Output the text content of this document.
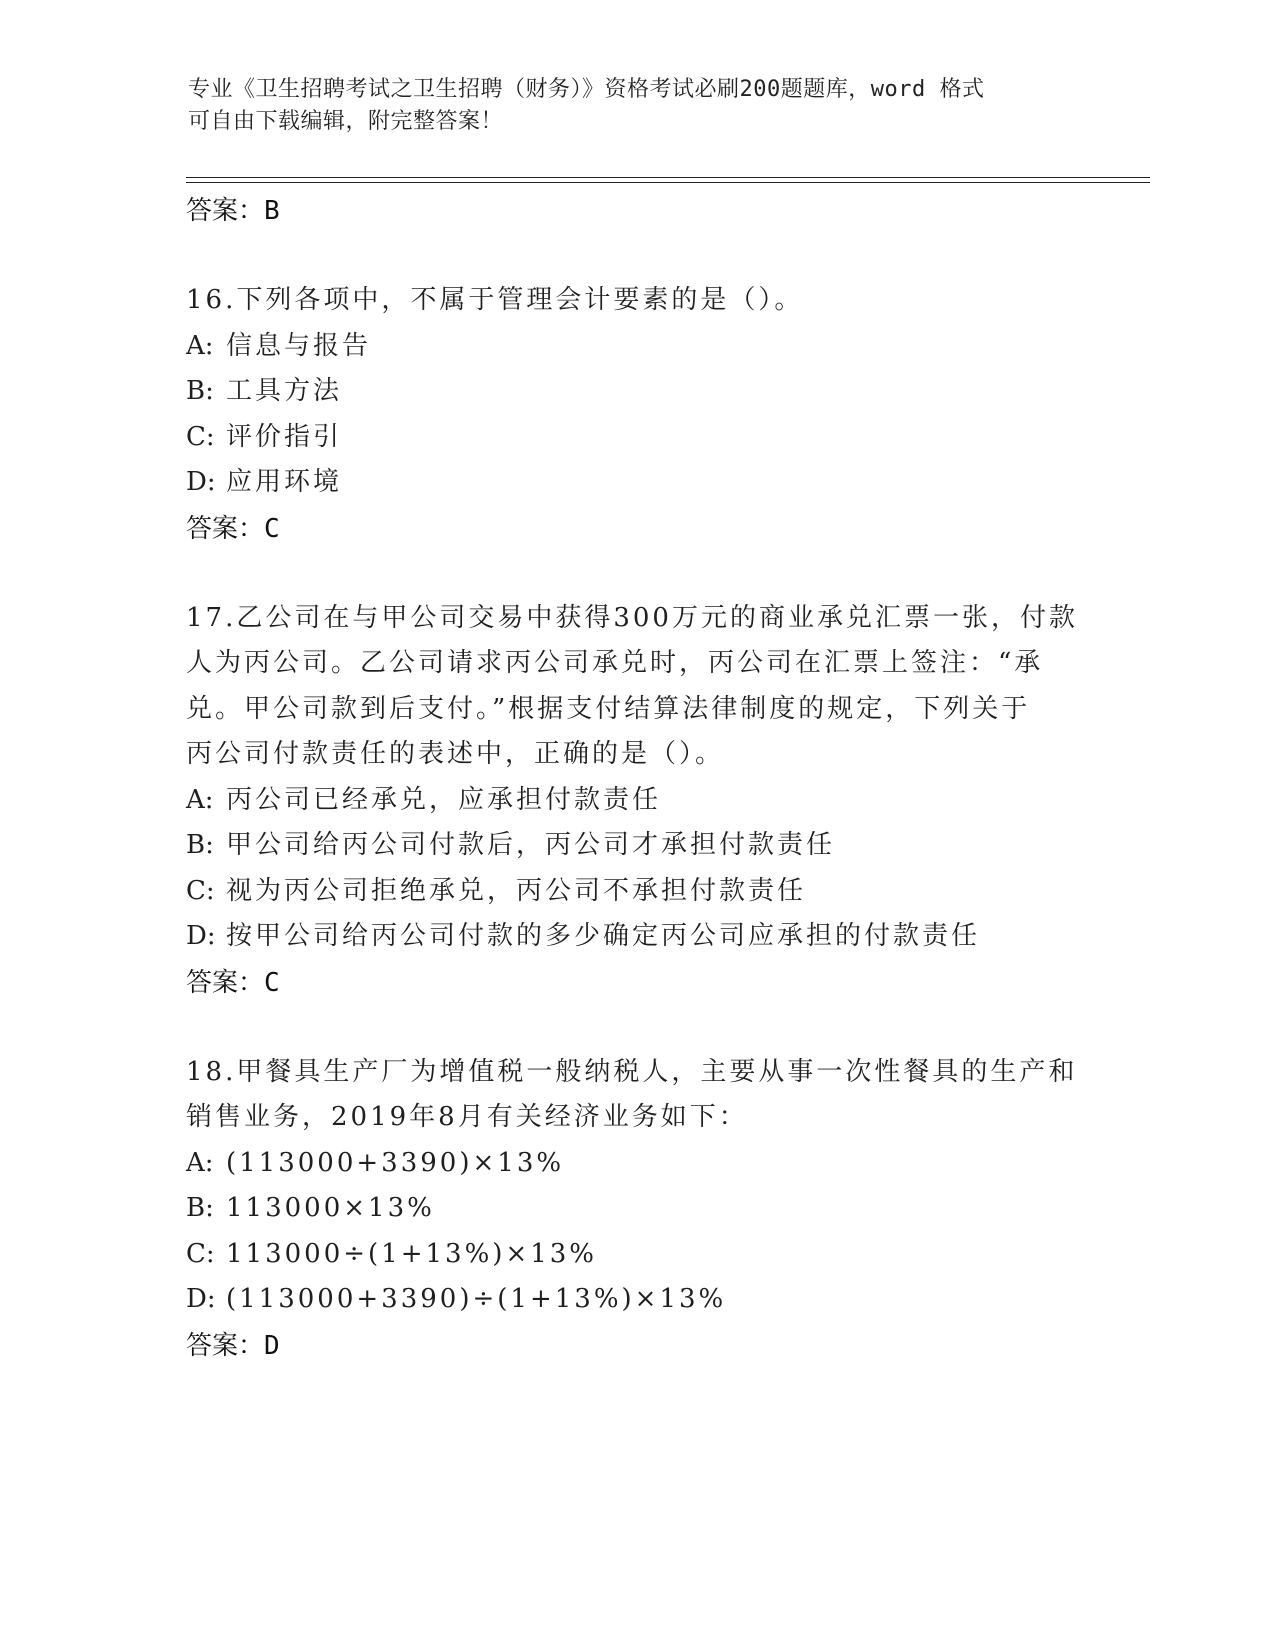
专业《卫生招聘考试之卫生招聘（财务）》资格考试必刷200题题库，word 格式
可自由下载编辑，附完整答案！
答案：B
16.下列各项中，不属于管理会计要素的是（）。
A: 信息与报告
B: 工具方法
C: 评价指引
D: 应用环境
答案：C
17.乙公司在与甲公司交易中获得300万元的商业承兑汇票一张，付款
人为丙公司。乙公司请求丙公司承兑时，丙公司在汇票上签注：“承
兑。甲公司款到后支付。”根据支付结算法律制度的规定，下列关于
丙公司付款责任的表述中，正确的是（）。
A: 丙公司已经承兑，应承担付款责任
B: 甲公司给丙公司付款后，丙公司才承担付款责任
C: 视为丙公司拒绝承兑，丙公司不承担付款责任
D: 按甲公司给丙公司付款的多少确定丙公司应承担的付款责任
答案：C
18.甲餐具生产厂为增值税一般纳税人，主要从事一次性餐具的生产和
销售业务，2019年8月有关经济业务如下：
A: (113000+3390)×13%
B: 113000×13%
C: 113000÷(1+13%)×13%
D: (113000+3390)÷(1+13%)×13%
答案：D
